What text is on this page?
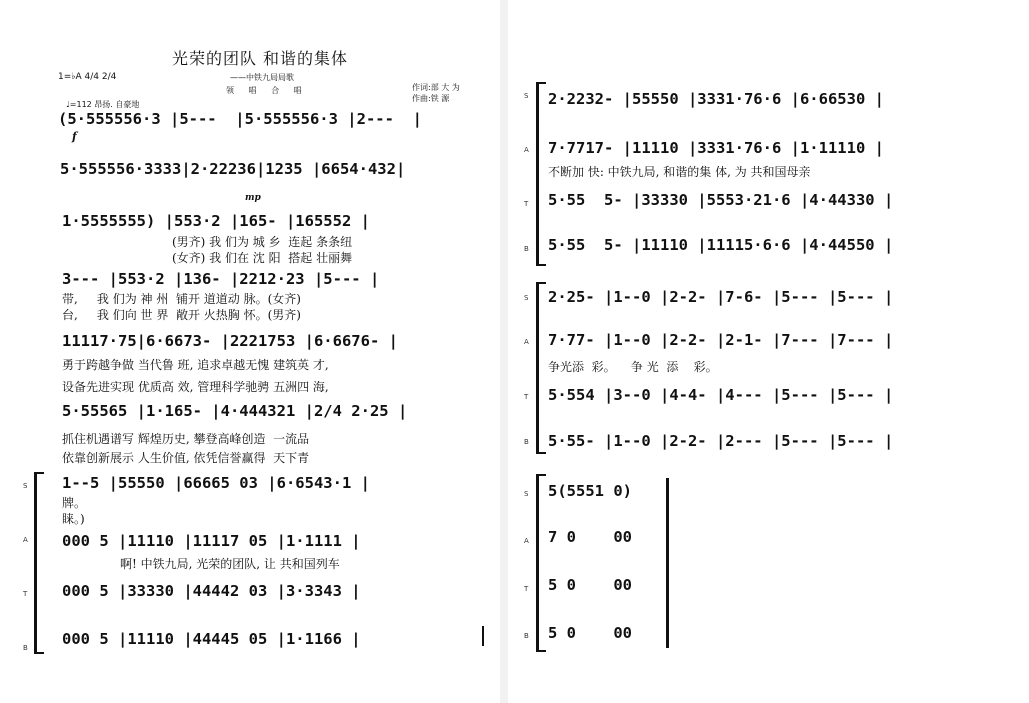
光荣的团队 和谐的集体
——中铁九局局歌
领 唱 合 唱	作词:部 大 为
作曲:铁 源
1=♭A 4/4 2/4
♩=112 昂扬. 自豪地
(5·555556·3 |5---  |5·555556·3 |2---  |
f
5·555556·3333|2·22236|1235 |6654·432|
mp
1·5555555) |553·2 |165- |165552 |
(男齐) 我 们为 城 乡  连起 条条纽
(女齐) 我 们在 沈 阳  搭起 壮丽舞
3--- |553·2 |136- |2212·23 |5--- |
带,     我 们为 神 州  铺开 道道动 脉。(女齐)
台,     我 们向 世 界  敞开 火热胸 怀。(男齐)
11117·75|6·6673- |2221753 |6·6676- |
勇于跨越争做 当代鲁 班, 追求卓越无愧 建筑英 才,
设备先进实现 优质高 效, 管理科学驰骋 五洲四 海,
5·55565 |1·165- |4·444321 |2/4 2·25 |
抓住机遇谱写 辉煌历史, 攀登高峰创造  一流品
依靠创新展示 人生价值, 依凭信誉赢得  天下青
S
A
T
B
1--5 |55550 |66665 03 |6·6543·1 |
牌。
睐。)
000 5 |11110 |11117 05 |1·1111 |
啊! 中铁九局, 光荣的团队, 让 共和国列车
000 5 |33330 |44442 03 |3·3343 |
000 5 |11110 |44445 05 |1·1166 |
S
A
T
B
2·2232- |55550 |3331·76·6 |6·66530 |
7·7717- |11110 |3331·76·6 |1·11110 |
不断加 快: 中铁九局, 和谐的集 体, 为 共和国母亲
5·55  5- |33330 |5553·21·6 |4·44330 |
5·55  5- |11110 |11115·6·6 |4·44550 |
S
A
T
B
2·25- |1--0 |2-2- |7-6- |5--- |5--- |
7·77- |1--0 |2-2- |2-1- |7--- |7--- |
争光添  彩。    争 光  添    彩。
5·554 |3--0 |4-4- |4--- |5--- |5--- |
5·55- |1--0 |2-2- |2--- |5--- |5--- |
S
A
T
B
5(5551 0)
7 0    00
5 0    00
5 0    00
